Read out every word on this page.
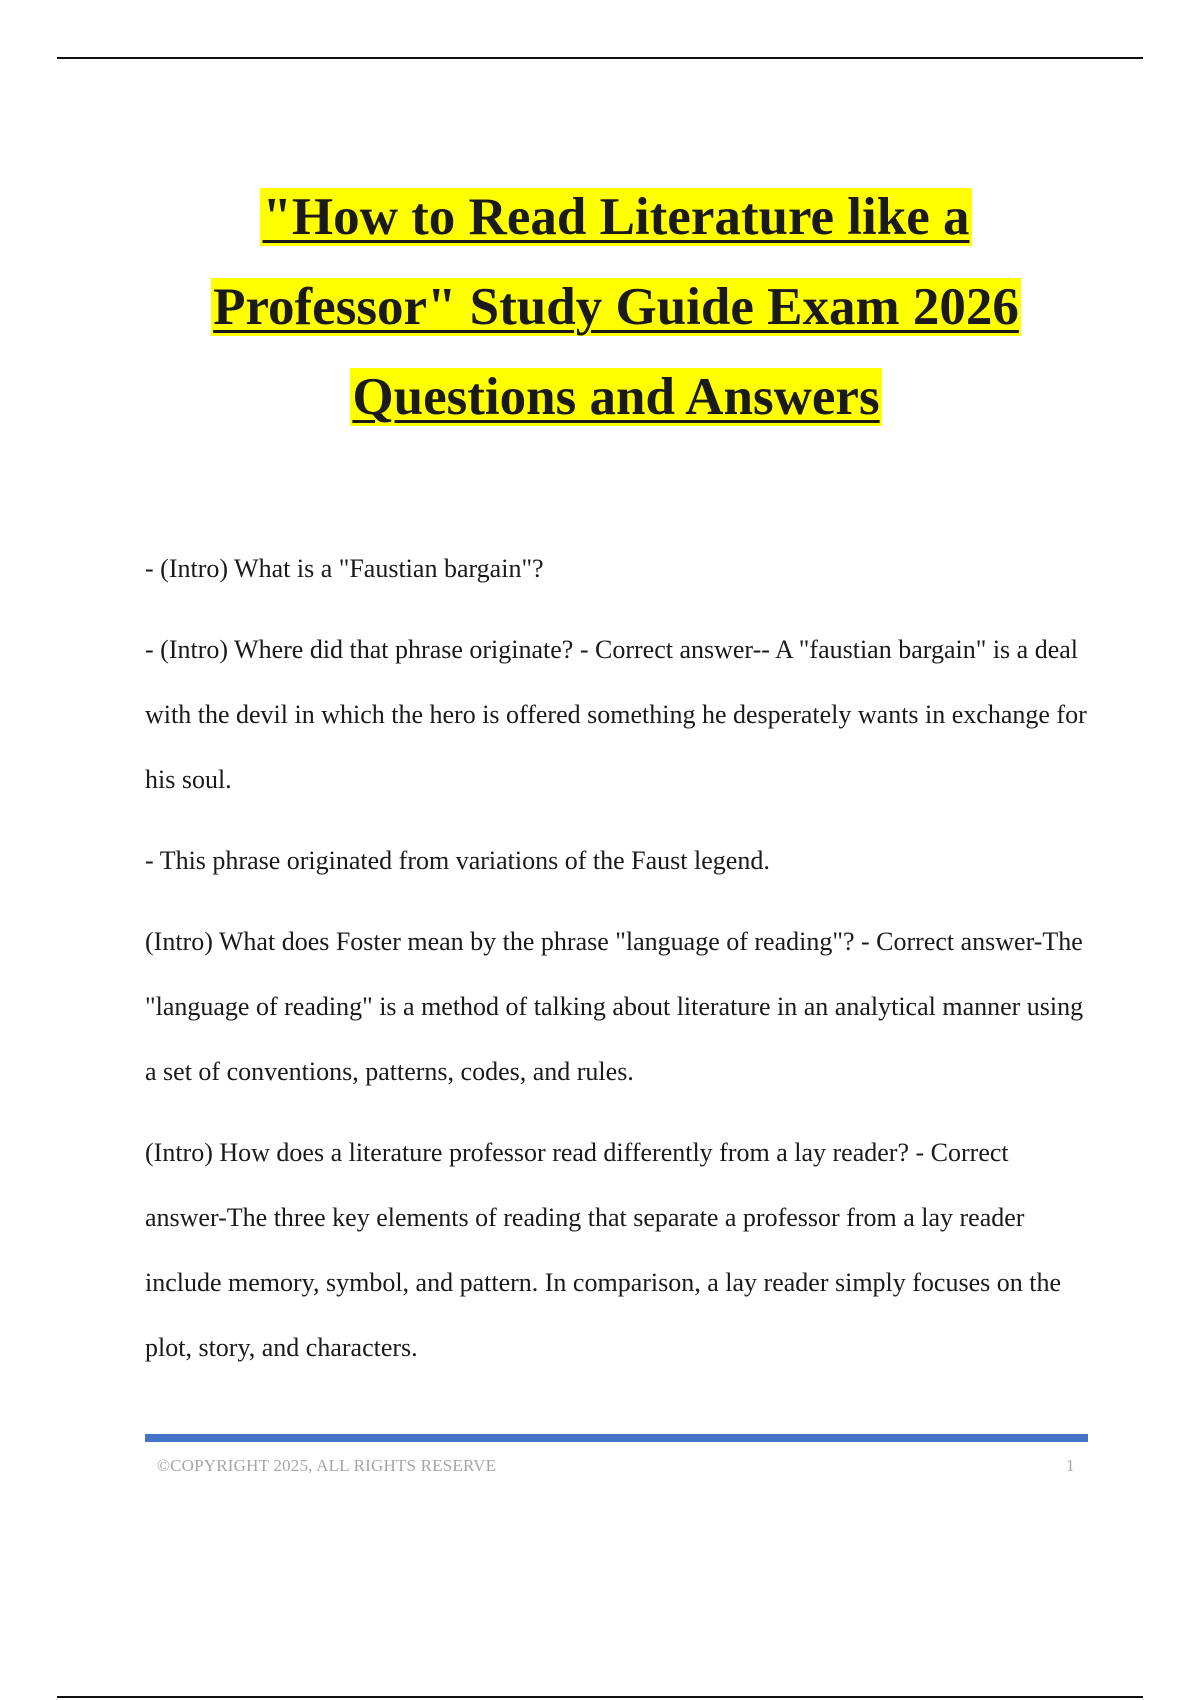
"How to Read Literature like a
Professor" Study Guide Exam 2026
Questions and Answers

- (Intro) What is a "Faustian bargain"?

- (Intro) Where did that phrase originate? - Correct answer-- A "faustian bargain" is a deal with the devil in which the hero is offered something he desperately wants in exchange for his soul.

- This phrase originated from variations of the Faust legend.

(Intro) What does Foster mean by the phrase "language of reading"? - Correct answer-The "language of reading" is a method of talking about literature in an analytical manner using a set of conventions, patterns, codes, and rules.

(Intro) How does a literature professor read differently from a lay reader? - Correct answer-The three key elements of reading that separate a professor from a lay reader include memory, symbol, and pattern. In comparison, a lay reader simply focuses on the plot, story, and characters.

©COPYRIGHT 2025, ALL RIGHTS RESERVE	1
